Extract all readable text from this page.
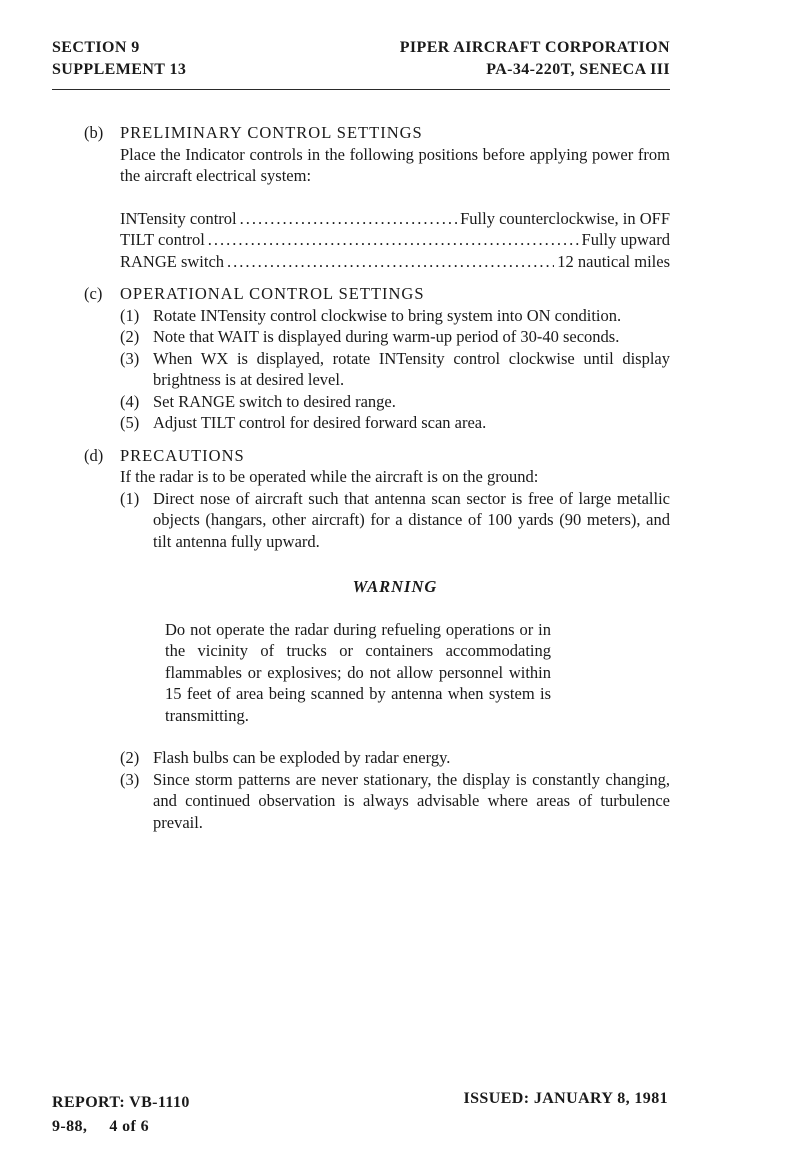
SECTION 9
SUPPLEMENT 13
PIPER AIRCRAFT CORPORATION
PA-34-220T, SENECA III
(b) PRELIMINARY CONTROL SETTINGS
Place the Indicator controls in the following positions before applying power from the aircraft electrical system:
INTensity control .....	Fully counterclockwise, in OFF
TILT control .....	Fully upward
RANGE switch .....	12 nautical miles
(c) OPERATIONAL CONTROL SETTINGS
(1) Rotate INTensity control clockwise to bring system into ON condition.
(2) Note that WAIT is displayed during warm-up period of 30-40 seconds.
(3) When WX is displayed, rotate INTensity control clockwise until display brightness is at desired level.
(4) Set RANGE switch to desired range.
(5) Adjust TILT control for desired forward scan area.
(d) PRECAUTIONS
If the radar is to be operated while the aircraft is on the ground:
(1) Direct nose of aircraft such that antenna scan sector is free of large metallic objects (hangars, other aircraft) for a distance of 100 yards (90 meters), and tilt antenna fully upward.
WARNING
Do not operate the radar during refueling operations or in the vicinity of trucks or containers accommodating flammables or explosives; do not allow personnel within 15 feet of area being scanned by antenna when system is transmitting.
(2) Flash bulbs can be exploded by radar energy.
(3) Since storm patterns are never stationary, the display is constantly changing, and continued observation is always advisable where areas of turbulence prevail.
REPORT: VB-1110
9-88, 4 of 6
ISSUED: JANUARY 8, 1981
